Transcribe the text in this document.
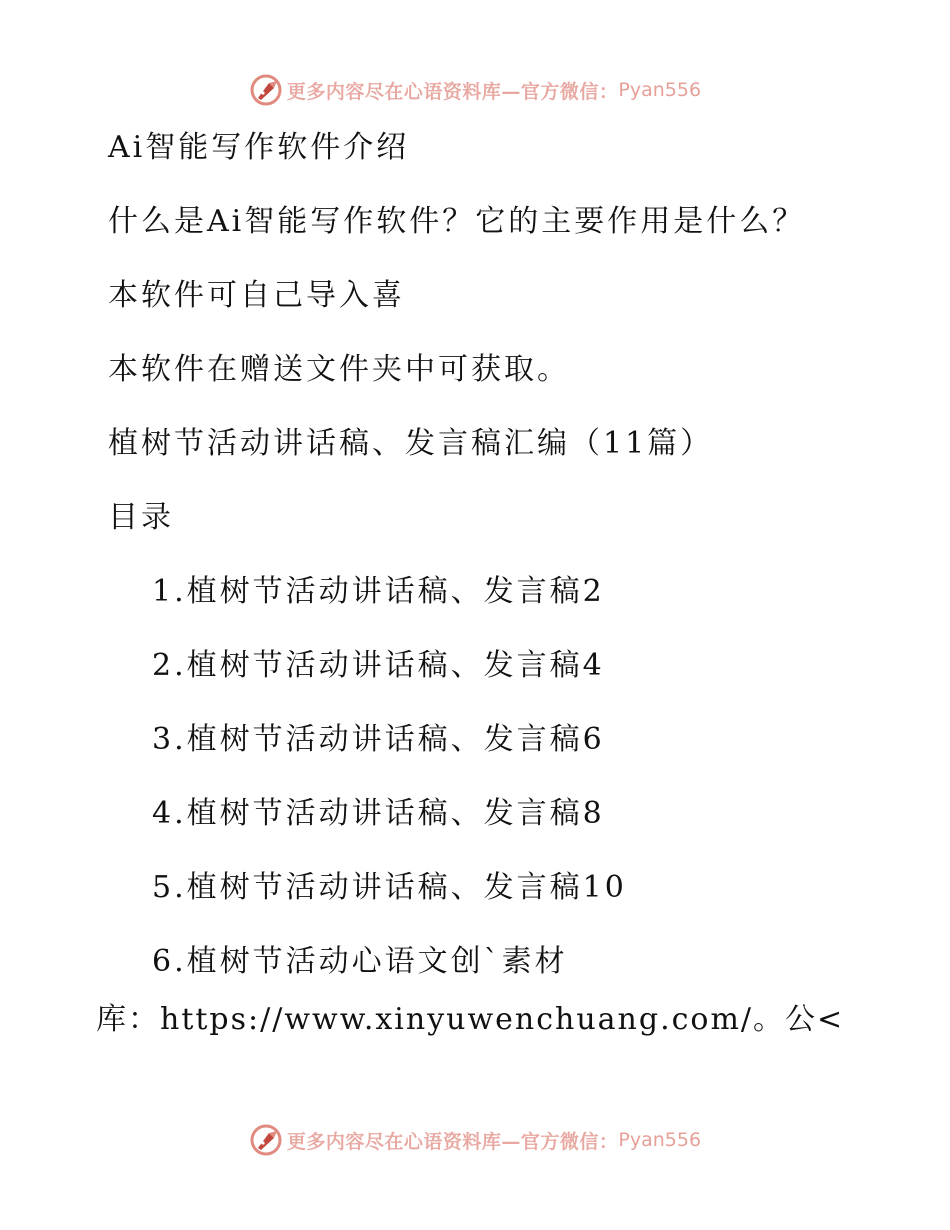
更多内容尽在心语资料库—官方微信： Pyan556
Ai智能写作软件介绍
什么是Ai智能写作软件？它的主要作用是什么？
本软件可自己导入喜
本软件在赠送文件夹中可获取。
植树节活动讲话稿、发言稿汇编（11篇）
目录
1.植树节活动讲话稿、发言稿2
2.植树节活动讲话稿、发言稿4
3.植树节活动讲话稿、发言稿6
4.植树节活动讲话稿、发言稿8
5.植树节活动讲话稿、发言稿10
6.植树节活动心语文创`素材
库：https://www.xinyuwenchuang.com/。公<
更多内容尽在心语资料库—官方微信： Pyan556
